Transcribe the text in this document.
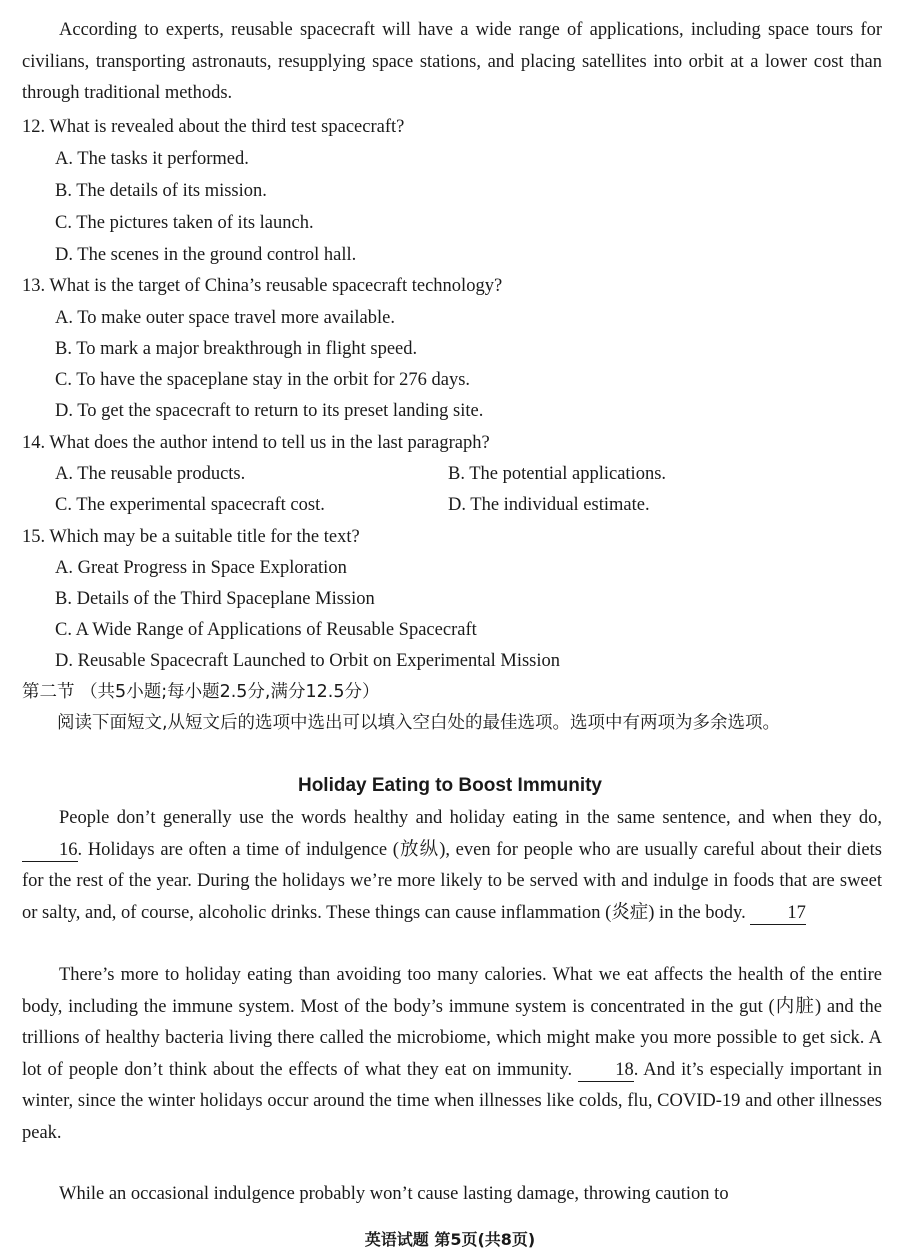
According to experts, reusable spacecraft will have a wide range of applications, including space tours for civilians, transporting astronauts, resupplying space stations, and placing satellites into orbit at a lower cost than through traditional methods.

12. What is revealed about the third test spacecraft?
A. The tasks it performed.
B. The details of its mission.
C. The pictures taken of its launch.
D. The scenes in the ground control hall.
13. What is the target of China’s reusable spacecraft technology?
A. To make outer space travel more available.
B. To mark a major breakthrough in flight speed.
C. To have the spaceplane stay in the orbit for 276 days.
D. To get the spacecraft to return to its preset landing site.
14. What does the author intend to tell us in the last paragraph?
A. The reusable products.	B. The potential applications.
C. The experimental spacecraft cost.	D. The individual estimate.
15. Which may be a suitable title for the text?
A. Great Progress in Space Exploration
B. Details of the Third Spaceplane Mission
C. A Wide Range of Applications of Reusable Spacecraft
D. Reusable Spacecraft Launched to Orbit on Experimental Mission
第二节 （共5小题;每小题2.5分,满分12.5分）

阅读下面短文,从短文后的选项中选出可以填入空白处的最佳选项。选项中有两项为多余选项。

Holiday Eating to Boost Immunity

People don’t generally use the words healthy and holiday eating in the same sentence, and when they do, 16. Holidays are often a time of indulgence (放纵), even for people who are usually careful about their diets for the rest of the year. During the holidays we’re more likely to be served with and indulge in foods that are sweet or salty, and, of course, alcoholic drinks. These things can cause inflammation (炎症) in the body. 17

There’s more to holiday eating than avoiding too many calories. What we eat affects the health of the entire body, including the immune system. Most of the body’s immune system is concentrated in the gut (内脏) and the trillions of healthy bacteria living there called the microbiome, which might make you more possible to get sick. A lot of people don’t think about the effects of what they eat on immunity. 18. And it’s especially important in winter, since the winter holidays occur around the time when illnesses like colds, flu, COVID-19 and other illnesses peak.

While an occasional indulgence probably won’t cause lasting damage, throwing caution to

英语试题 第5页(共8页)
